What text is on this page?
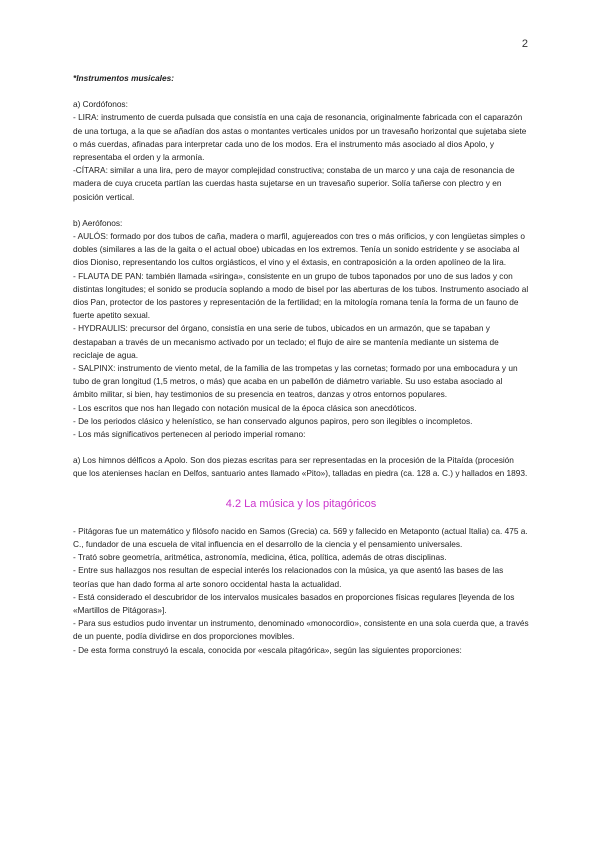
2

*Instrumentos musicales:

a) Cordófonos:

- LIRA: instrumento de cuerda pulsada que consistía en una caja de resonancia, originalmente fabricada con el caparazón de una tortuga, a la que se añadían dos astas o montantes verticales unidos por un travesaño horizontal que sujetaba siete o más cuerdas, afinadas para interpretar cada uno de los modos. Era el instrumento más asociado al dios Apolo, y representaba el orden y la armonía.

-CÍTARA: similar a una lira, pero de mayor complejidad constructiva; constaba de un marco y una caja de resonancia de madera de cuya cruceta partían las cuerdas hasta sujetarse en un travesaño superior. Solía tañerse con plectro y en posición vertical.

b) Aerófonos:

- AULÓS: formado por dos tubos de caña, madera o marfil, agujereados con tres o más orificios, y con lengüetas simples o dobles (similares a las de la gaita o el actual oboe) ubicadas en los extremos. Tenía un sonido estridente y se asociaba al dios Dioniso, representando los cultos orgiásticos, el vino y el éxtasis, en contraposición a la orden apolíneo de la lira.

- FLAUTA DE PAN: también llamada «siringa», consistente en un grupo de tubos taponados por uno de sus lados y con distintas longitudes; el sonido se producía soplando a modo de bisel por las aberturas de los tubos. Instrumento asociado al dios Pan, protector de los pastores y representación de la fertilidad; en la mitología romana tenía la forma de un fauno de fuerte apetito sexual.

- HYDRAULIS: precursor del órgano, consistía en una serie de tubos, ubicados en un armazón, que se tapaban y destapaban a través de un mecanismo activado por un teclado; el flujo de aire se mantenía mediante un sistema de reciclaje de agua.

- SALPINX: instrumento de viento metal, de la familia de las trompetas y las cornetas; formado por una embocadura y un tubo de gran longitud (1,5 metros, o más) que acaba en un pabellón de diámetro variable. Su uso estaba asociado al ámbito militar, si bien, hay testimonios de su presencia en teatros, danzas y otros entornos populares.

- Los escritos que nos han llegado con notación musical de la época clásica son anecdóticos.

- De los periodos clásico y helenístico, se han conservado algunos papiros, pero son ilegibles o incompletos.

- Los más significativos pertenecen al periodo imperial romano:

a) Los himnos délficos a Apolo. Son dos piezas escritas para ser representadas en la procesión de la Pitaída (procesión que los atenienses hacían en Delfos, santuario antes llamado «Pito»), talladas en piedra (ca. 128 a. C.) y hallados en 1893.

4.2 La música y los pitagóricos

- Pitágoras fue un matemático y filósofo nacido en Samos (Grecia) ca. 569 y fallecido en Metaponto (actual Italia) ca. 475 a. C., fundador de una escuela de vital influencia en el desarrollo de la ciencia y el pensamiento universales.

- Trató sobre geometría, aritmética, astronomía, medicina, ética, política, además de otras disciplinas.

- Entre sus hallazgos nos resultan de especial interés los relacionados con la música, ya que asentó las bases de las teorías que han dado forma al arte sonoro occidental hasta la actualidad.

- Está considerado el descubridor de los intervalos musicales basados en proporciones físicas regulares [leyenda de los «Martillos de Pitágoras»].

- Para sus estudios pudo inventar un instrumento, denominado «monocordio», consistente en una sola cuerda que, a través de un puente, podía dividirse en dos proporciones movibles.

- De esta forma construyó la escala, conocida por «escala pitagórica», según las siguientes proporciones:
